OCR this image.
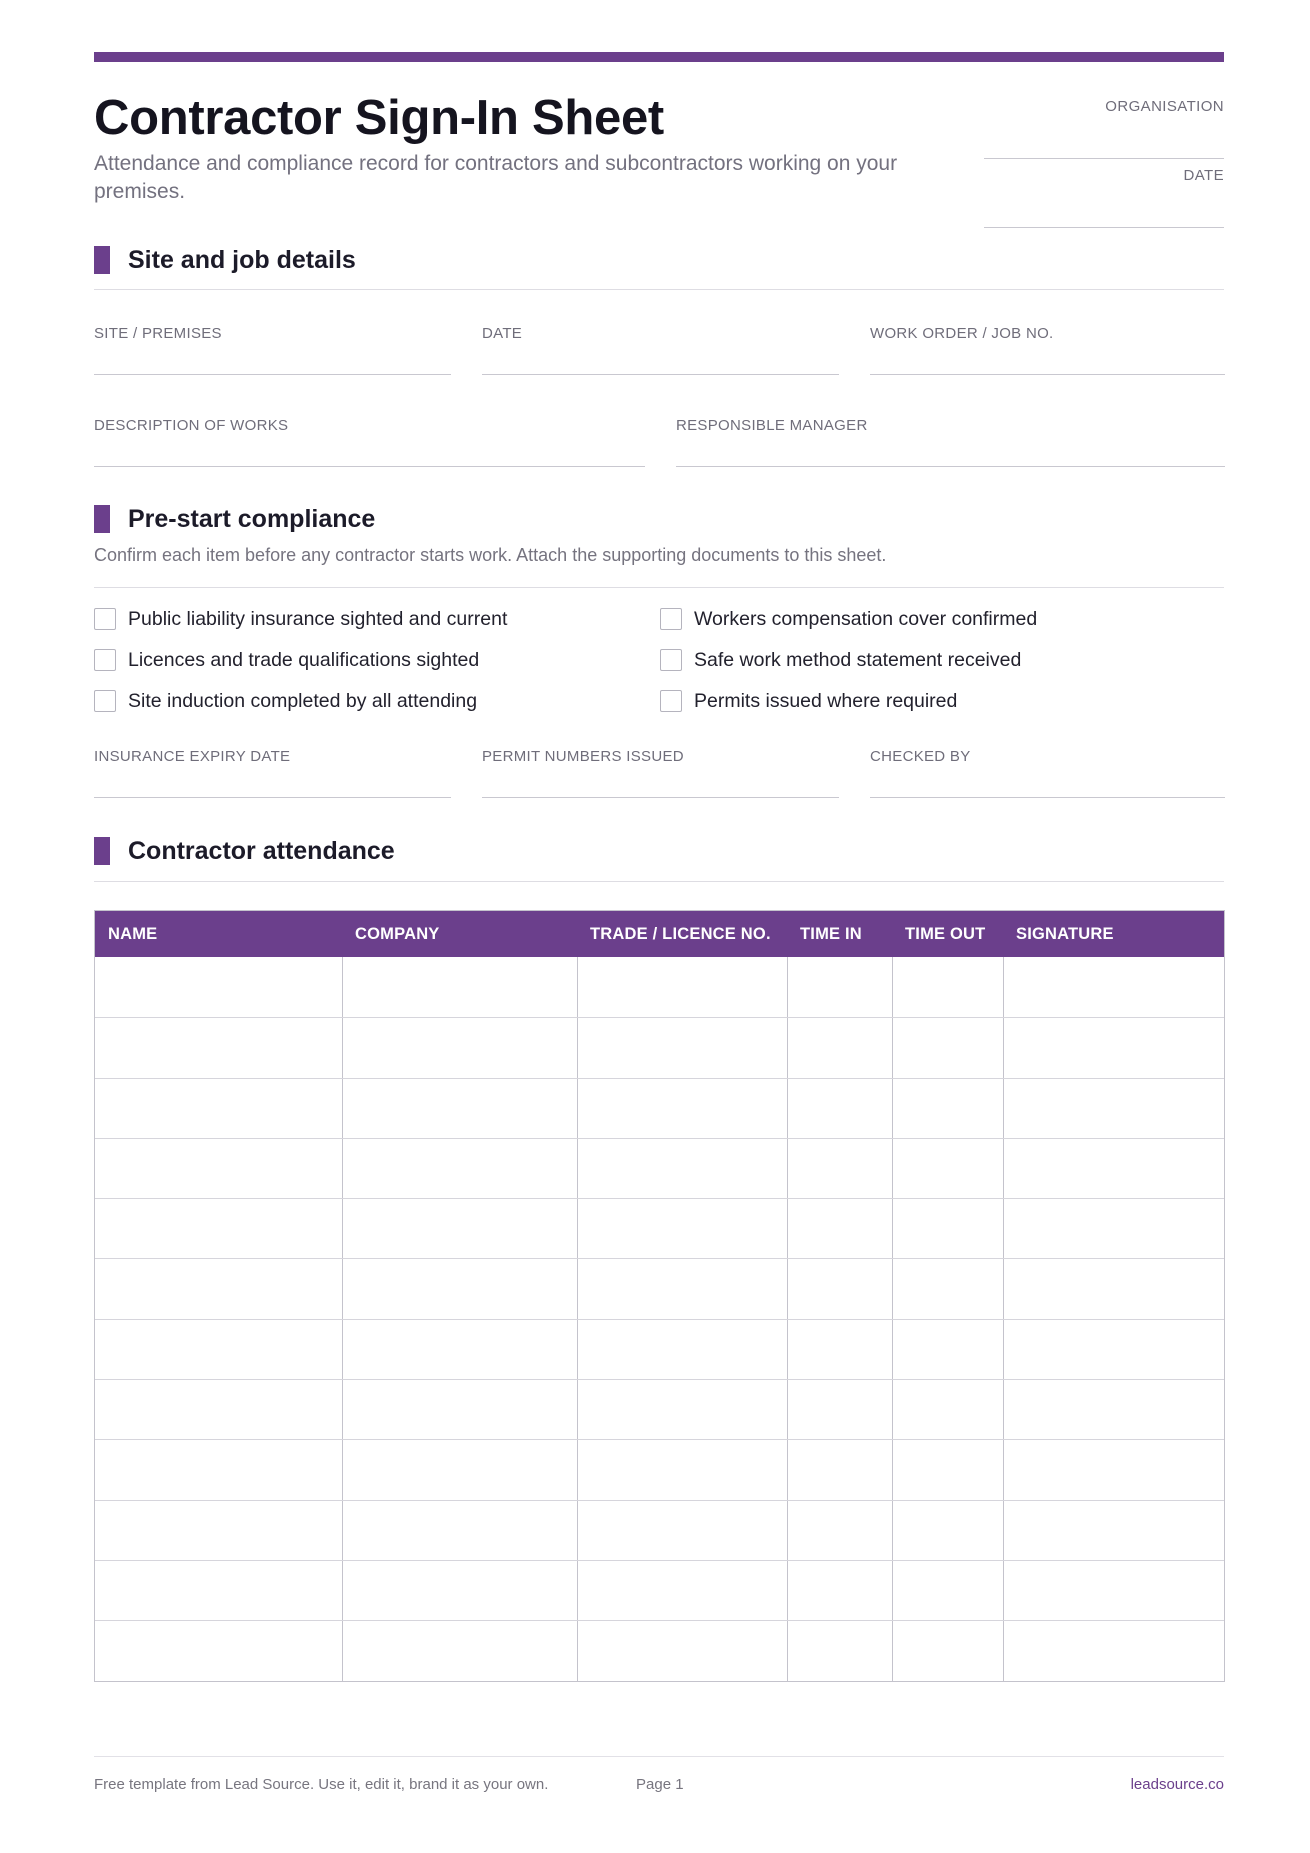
Contractor Sign-In Sheet
Attendance and compliance record for contractors and subcontractors working on your premises.
ORGANISATION
DATE
Site and job details
SITE / PREMISES	DATE	WORK ORDER / JOB NO.
DESCRIPTION OF WORKS	RESPONSIBLE MANAGER
Pre-start compliance
Confirm each item before any contractor starts work. Attach the supporting documents to this sheet.
Public liability insurance sighted and current	Workers compensation cover confirmed
Licences and trade qualifications sighted	Safe work method statement received
Site induction completed by all attending	Permits issued where required
INSURANCE EXPIRY DATE	PERMIT NUMBERS ISSUED	CHECKED BY
Contractor attendance
NAME	COMPANY	TRADE / LICENCE NO.	TIME IN	TIME OUT	SIGNATURE
Free template from Lead Source. Use it, edit it, brand it as your own.	Page 1	leadsource.co
